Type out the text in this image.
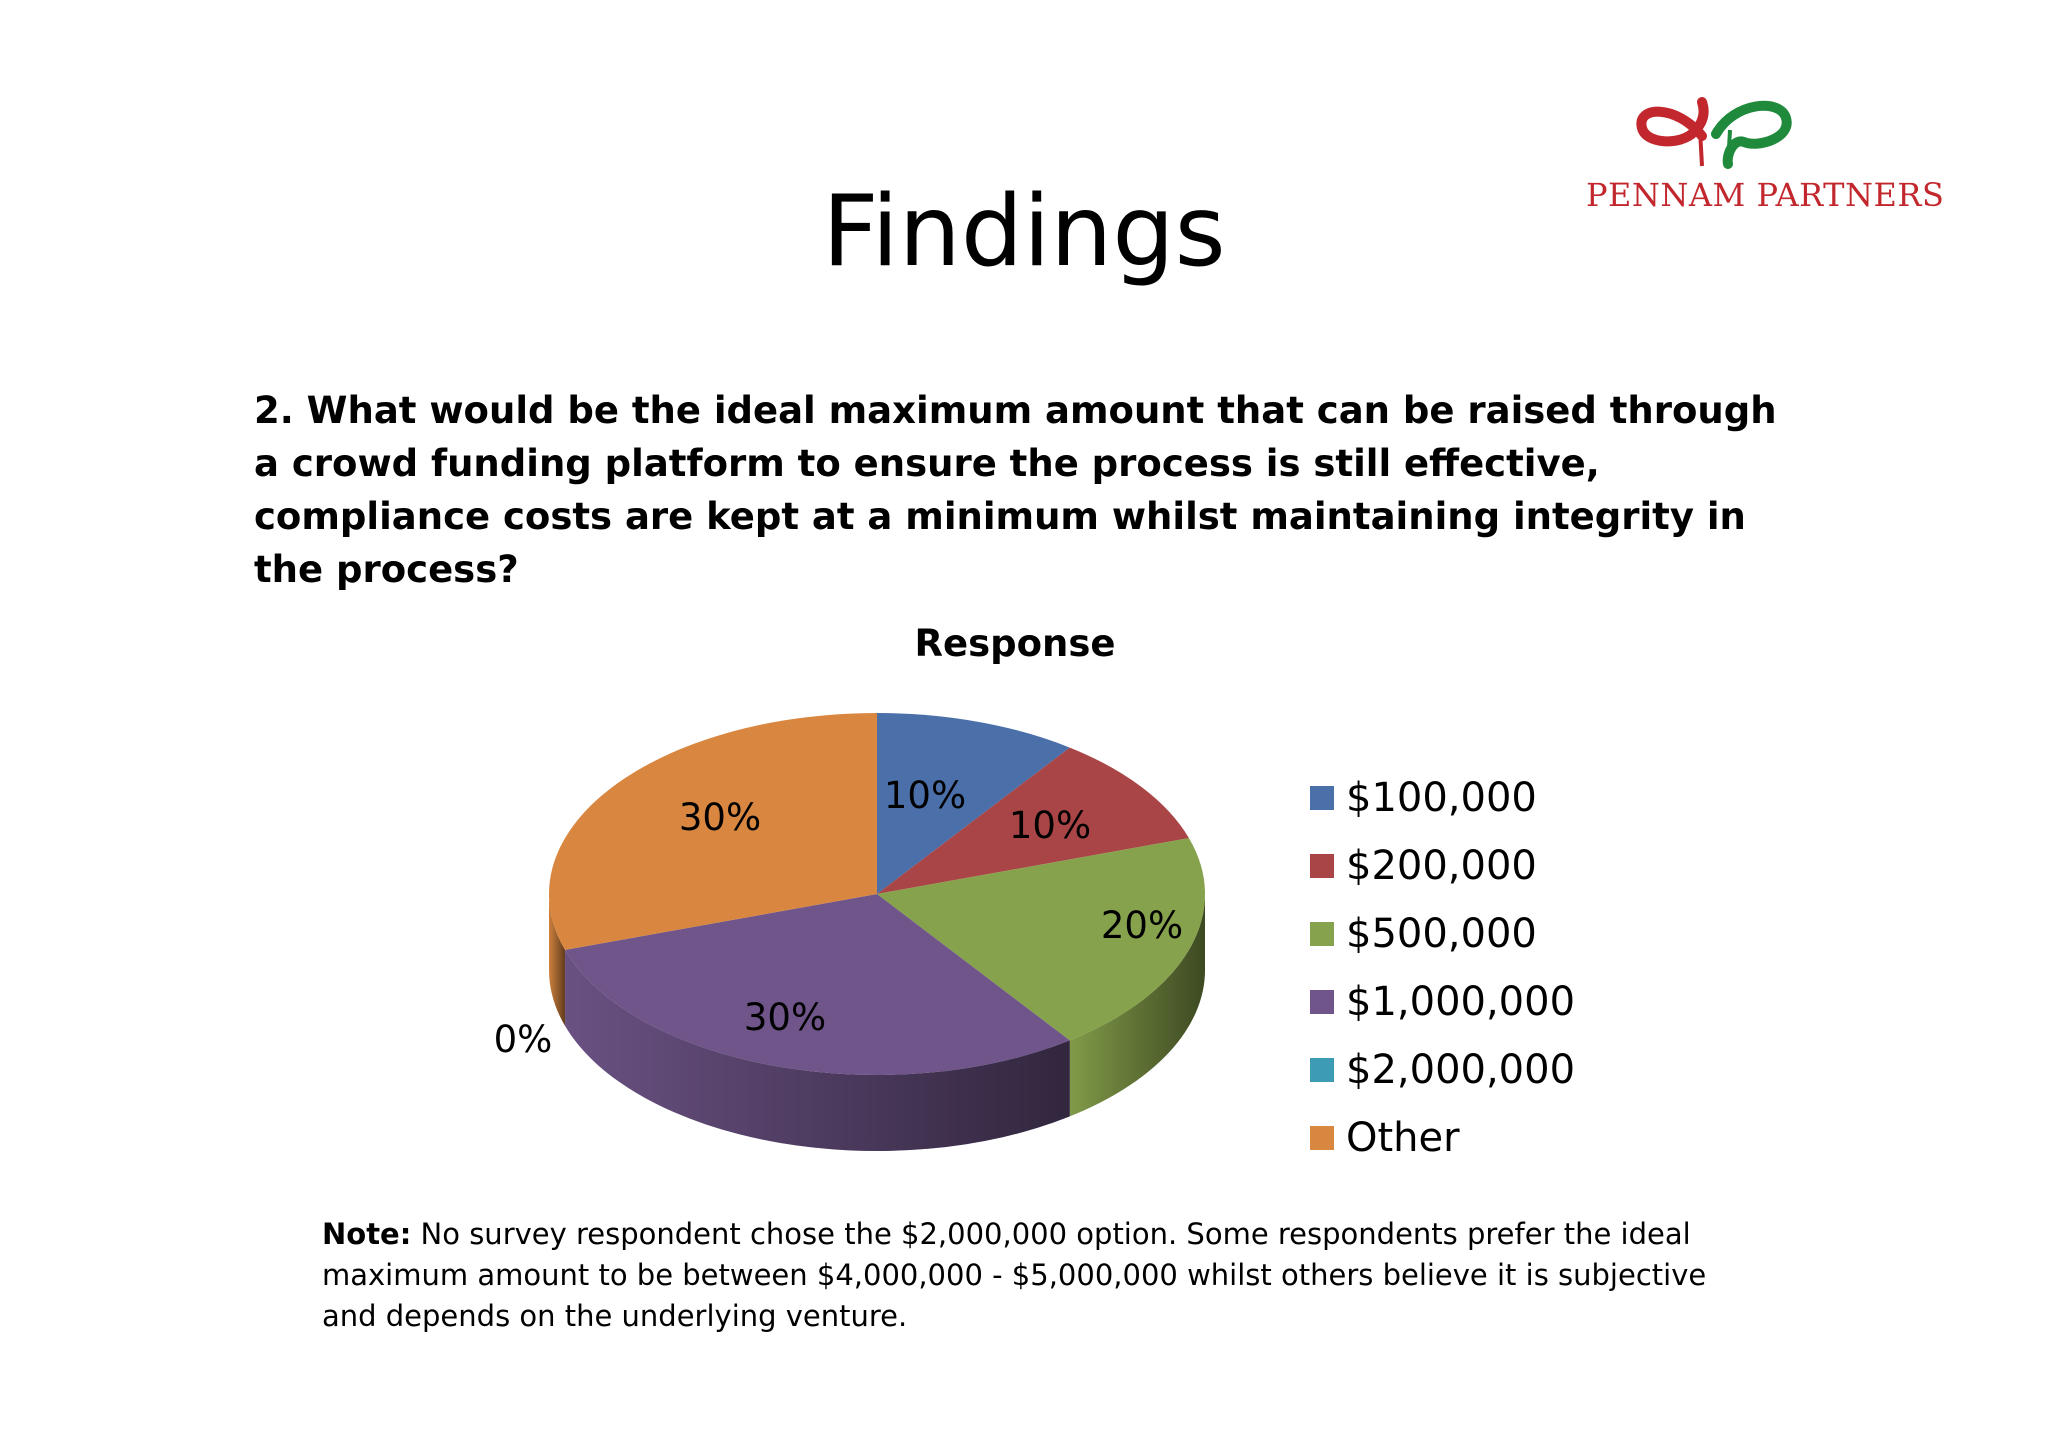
Findings	PENNAM PARTNERS

2. What would be the ideal maximum amount that can be raised through a crowd funding platform to ensure the process is still effective, compliance costs are kept at a minimum whilst maintaining integrity in the process?

Response
10%
10%
20%
30%
0%
30%	$100,000
$200,000
$500,000
$1,000,000
$2,000,000
Other

Note: No survey respondent chose the $2,000,000 option. Some respondents prefer the ideal maximum amount to be between $4,000,000 - $5,000,000 whilst others believe it is subjective and depends on the underlying venture.
